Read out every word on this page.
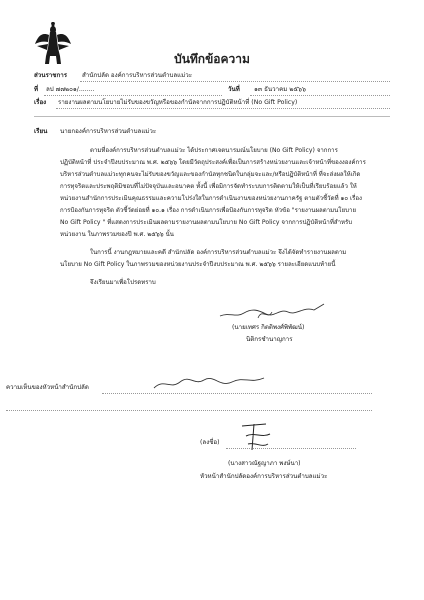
บันทึกข้อความ
ส่วนราชการ สำนักปลัด องค์การบริหารส่วนตำบลแม่วะ
ที่ ลป ๗๗๒๐๑/........	วันที่ ๑๓ ธันวาคม ๒๕๖๖
เรื่อง รายงานผลตามนโยบายไม่รับของขวัญหรือของกำนัลจากการปฏิบัติหน้าที่ (No Gift Policy)
เรียน นายกองค์การบริหารส่วนตำบลแม่วะ
ตามที่องค์การบริหารส่วนตำบลแม่วะ ได้ประกาศเจตนารมณ์นโยบาย (No Gift Policy) จากการ
ปฏิบัติหน้าที่ ประจำปีงบประมาณ พ.ศ. ๒๕๖๖ โดยมีวัตถุประสงค์เพื่อเป็นการสร้างหน่วยงานและเจ้าหน้าที่ของงองค์การ
บริหารส่วนตำบลแม่วะทุกคนจะไม่รับของขวัญและของกำนัลทุกชนิดในกลุ่มจะและ/หรือปฏิบัติหน้าที่ ที่จะส่งผลให้เกิด
การทุจริตและประพฤติมิชอบที่ไม่ปัจจุบันและอนาคต ทั้งนี้ เพื่อมิการจัดทำระบบการติดตามให้เป็นที่เรียบร้อยแล้ว ให้
หน่วยงานสำนักการประเมินคุณธรรมและความโปร่งใสในการดำเนินงานของหน่วยงานภาครัฐ ตามตัวชี้วัดที่ ๑๐ เรื่อง
การป้องกันการทุจริต ตัวชี้วัดย่อยที่ ๑๐.๑ เรื่อง การดำเนินการเพื่อป้องกันการทุจริต หัวข้อ "รายงานผลตามนโยบาย
No Gift Policy " ที่แสดงการประเมินผลตามรายงานผลตามนโยบาย No Gift Policy จากการปฏิบัติหน้าที่สำหรับ
หน่วยงาน ในภาพรวมของปี พ.ศ. ๒๕๖๖ นั้น
ในการนี้ งานกฎหมายและคดี สำนักปลัด องค์การบริหารส่วนตำบลแม่วะ จึงได้จัดทำรายงานผลตาม
นโยบาย No Gift Policy ในภาพรวมของหน่วยงานประจำปีงบประมาณ พ.ศ. ๒๕๖๖ รายละเอียดแนบท้ายนี้
จึงเรียนมาเพื่อโปรดทราบ
(นายเทศร กิตติพงศ์พิพัฒน์)
นิติกรชำนาญการ
ความเห็นของหัวหน้าสำนักปลัด
(ลงชื่อ)
(นางสาวณัฐญาภา พงษ์นา)
หัวหน้าสำนักปลัดองค์การบริหารส่วนตำบลแม่วะ
